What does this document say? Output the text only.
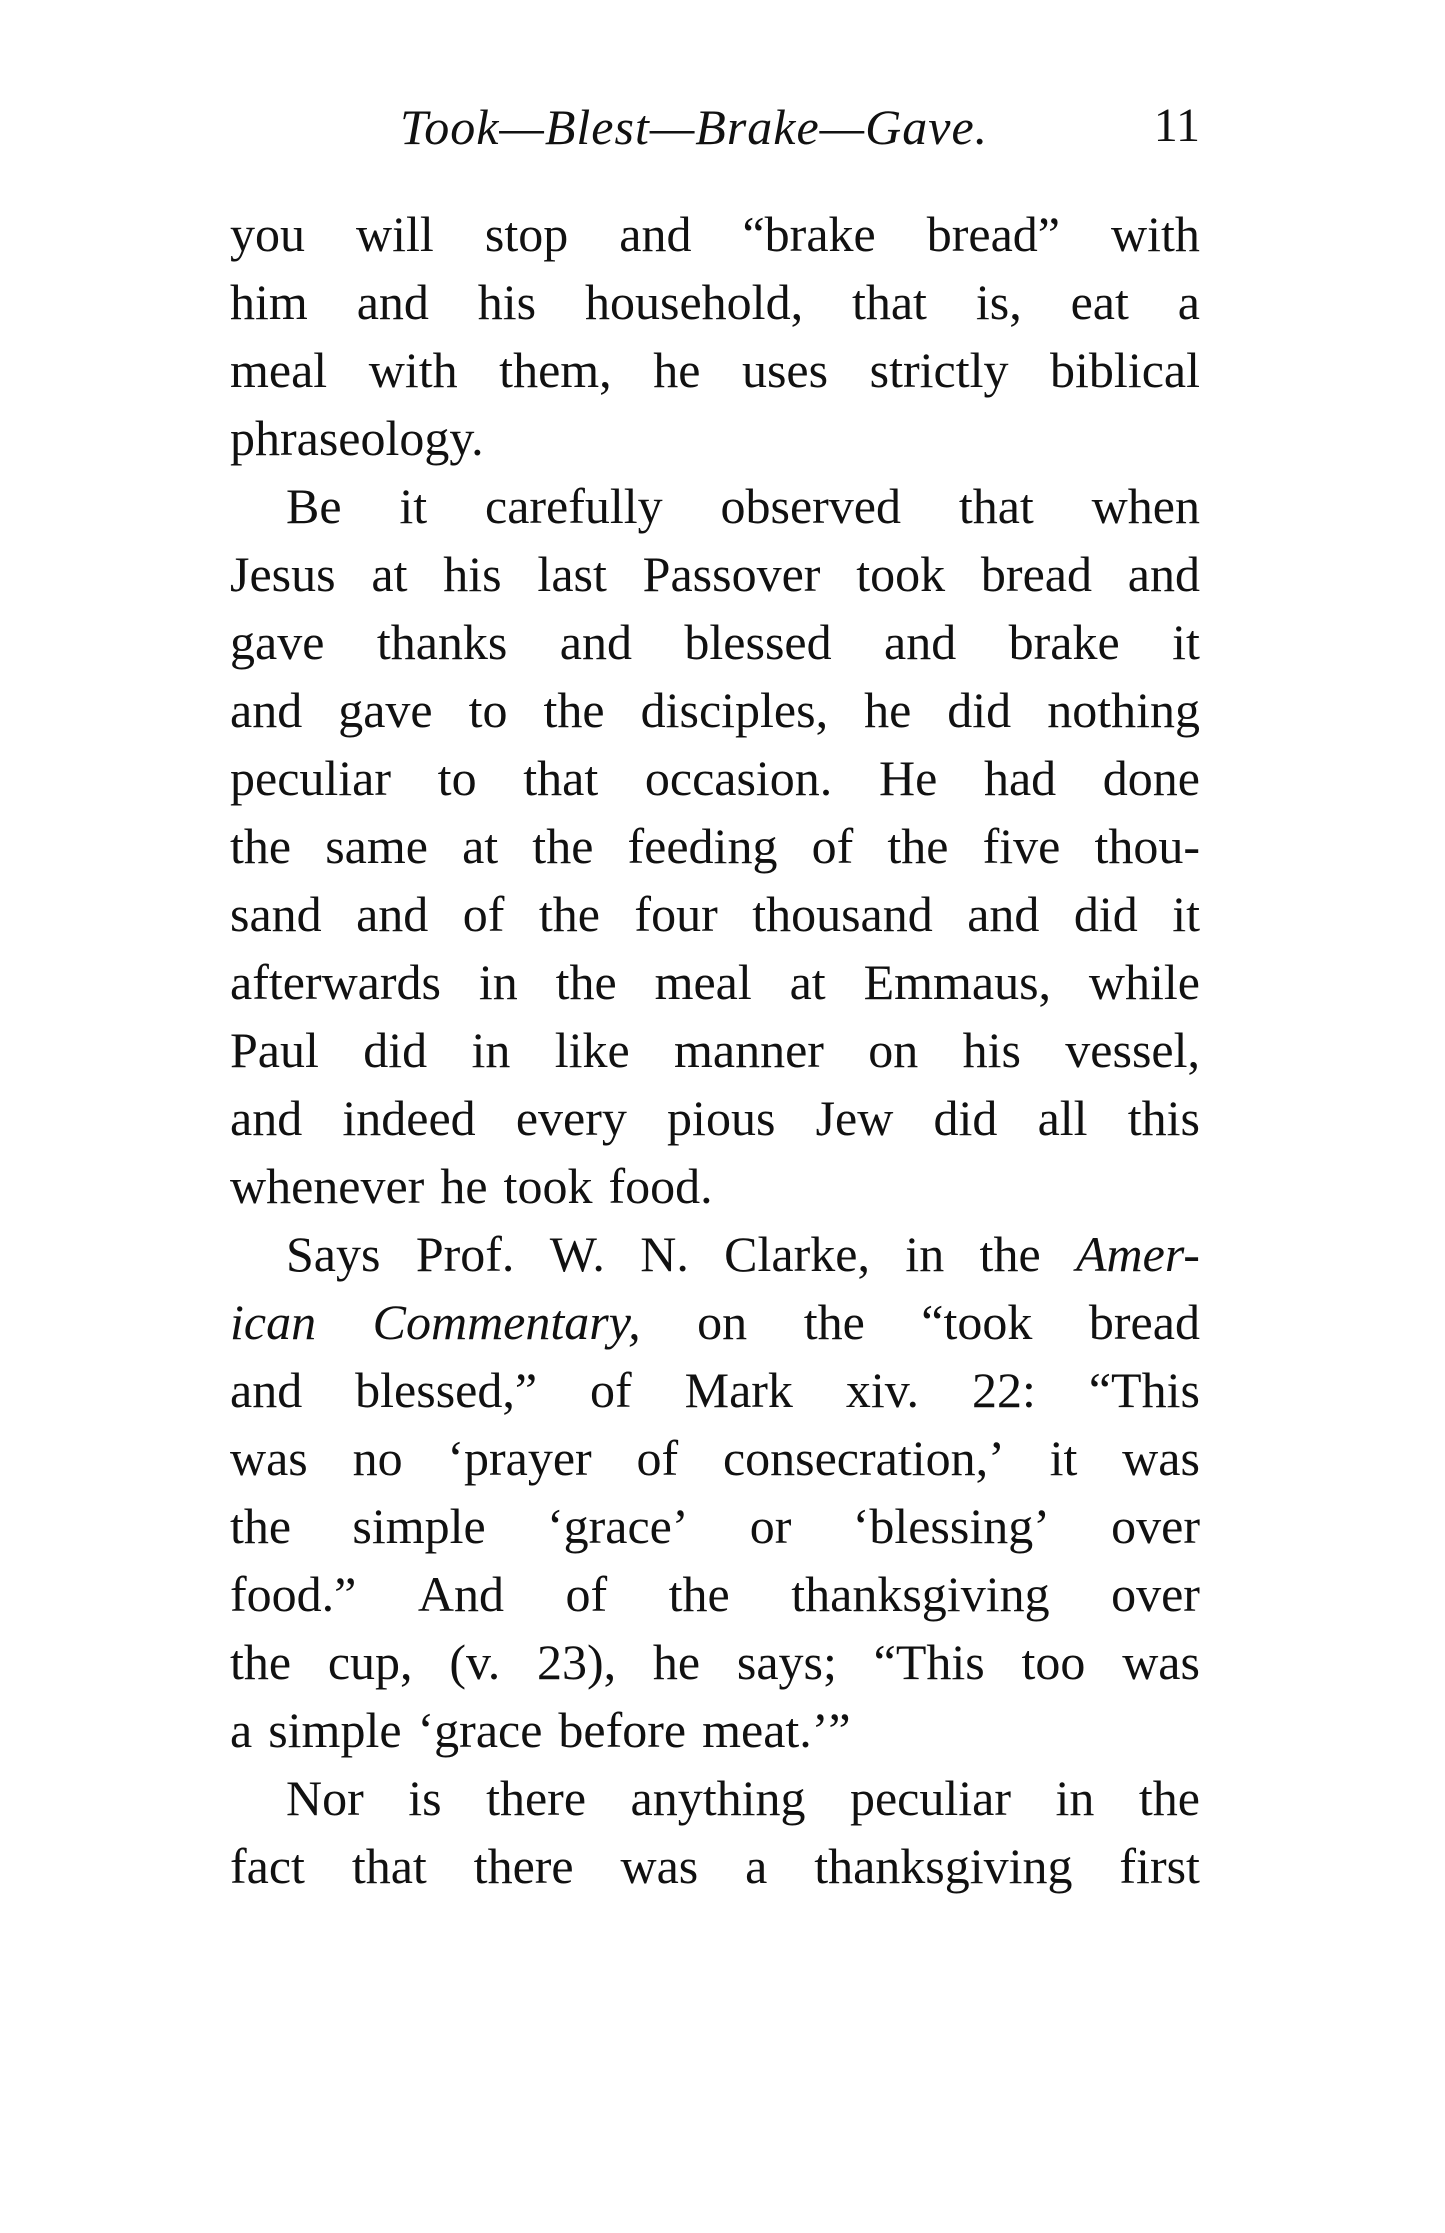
Took—Blest—Brake—Gave.	11
you will stop and “brake bread” with
him and his household, that is, eat a
meal with them, he uses strictly biblical
phraseology.
Be it carefully observed that when
Jesus at his last Passover took bread and
gave thanks and blessed and brake it
and gave to the disciples, he did nothing
peculiar to that occasion. He had done
the same at the feeding of the five thou-
sand and of the four thousand and did it
afterwards in the meal at Emmaus, while
Paul did in like manner on his vessel,
and indeed every pious Jew did all this
whenever he took food.
Says Prof. W. N. Clarke, in the Amer-
ican Commentary, on the “took bread
and blessed,” of Mark xiv. 22: “This
was no ‘prayer of consecration,’ it was
the simple ‘grace’ or ‘blessing’ over
food.” And of the thanksgiving over
the cup, (v. 23), he says; “This too was
a simple ‘grace before meat.’”
Nor is there anything peculiar in the
fact that there was a thanksgiving first
